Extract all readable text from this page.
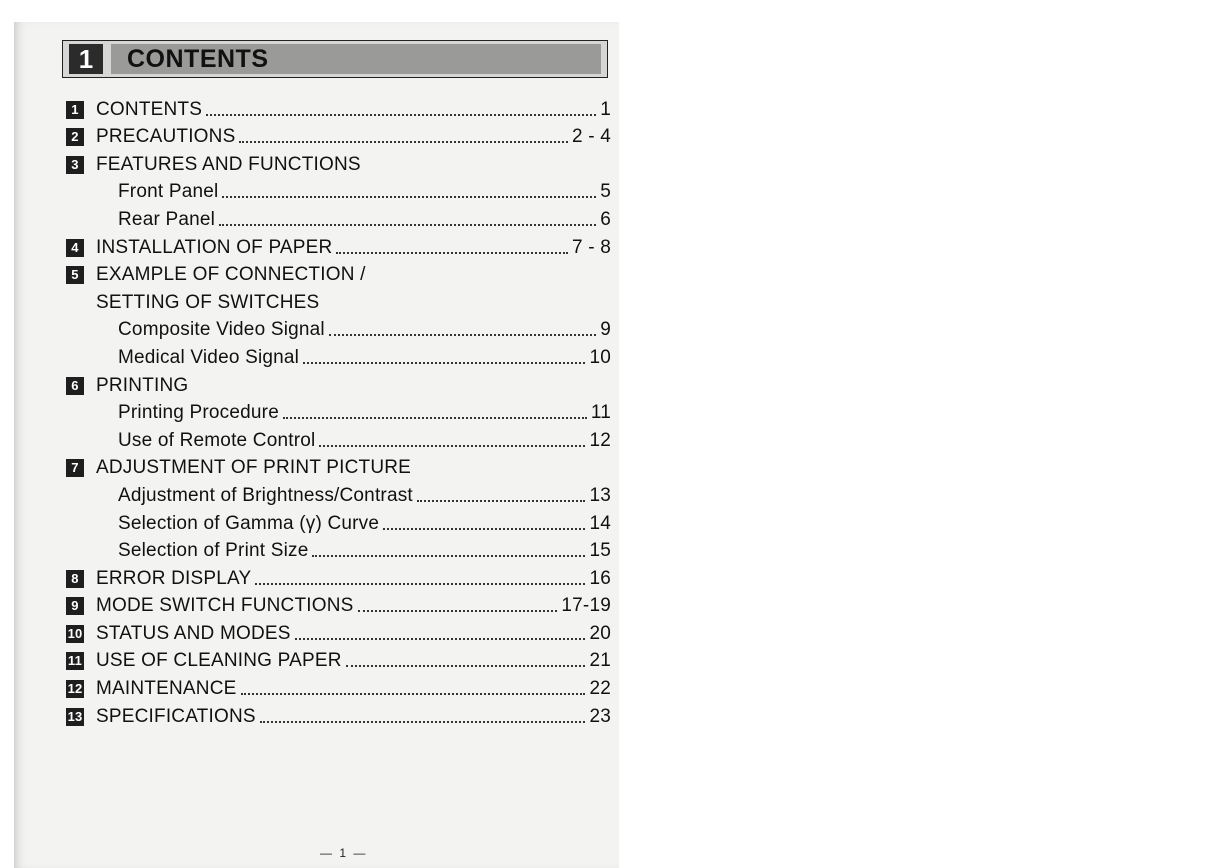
1	CONTENTS
1 CONTENTS	1
2 PRECAUTIONS	2 - 4
3 FEATURES AND FUNCTIONS
Front Panel	5
Rear Panel	6
4 INSTALLATION OF PAPER	7 - 8
5 EXAMPLE OF CONNECTION /
SETTING OF SWITCHES
Composite Video Signal	9
Medical Video Signal	10
6 PRINTING
Printing Procedure	11
Use of Remote Control	12
7 ADJUSTMENT OF PRINT PICTURE
Adjustment of Brightness/Contrast	13
Selection of Gamma (γ) Curve	14
Selection of Print Size	15
8 ERROR DISPLAY	16
9 MODE SWITCH FUNCTIONS	17-19
10 STATUS AND MODES	20
11 USE OF CLEANING PAPER	21
12 MAINTENANCE	22
13 SPECIFICATIONS	23
— 1 —
